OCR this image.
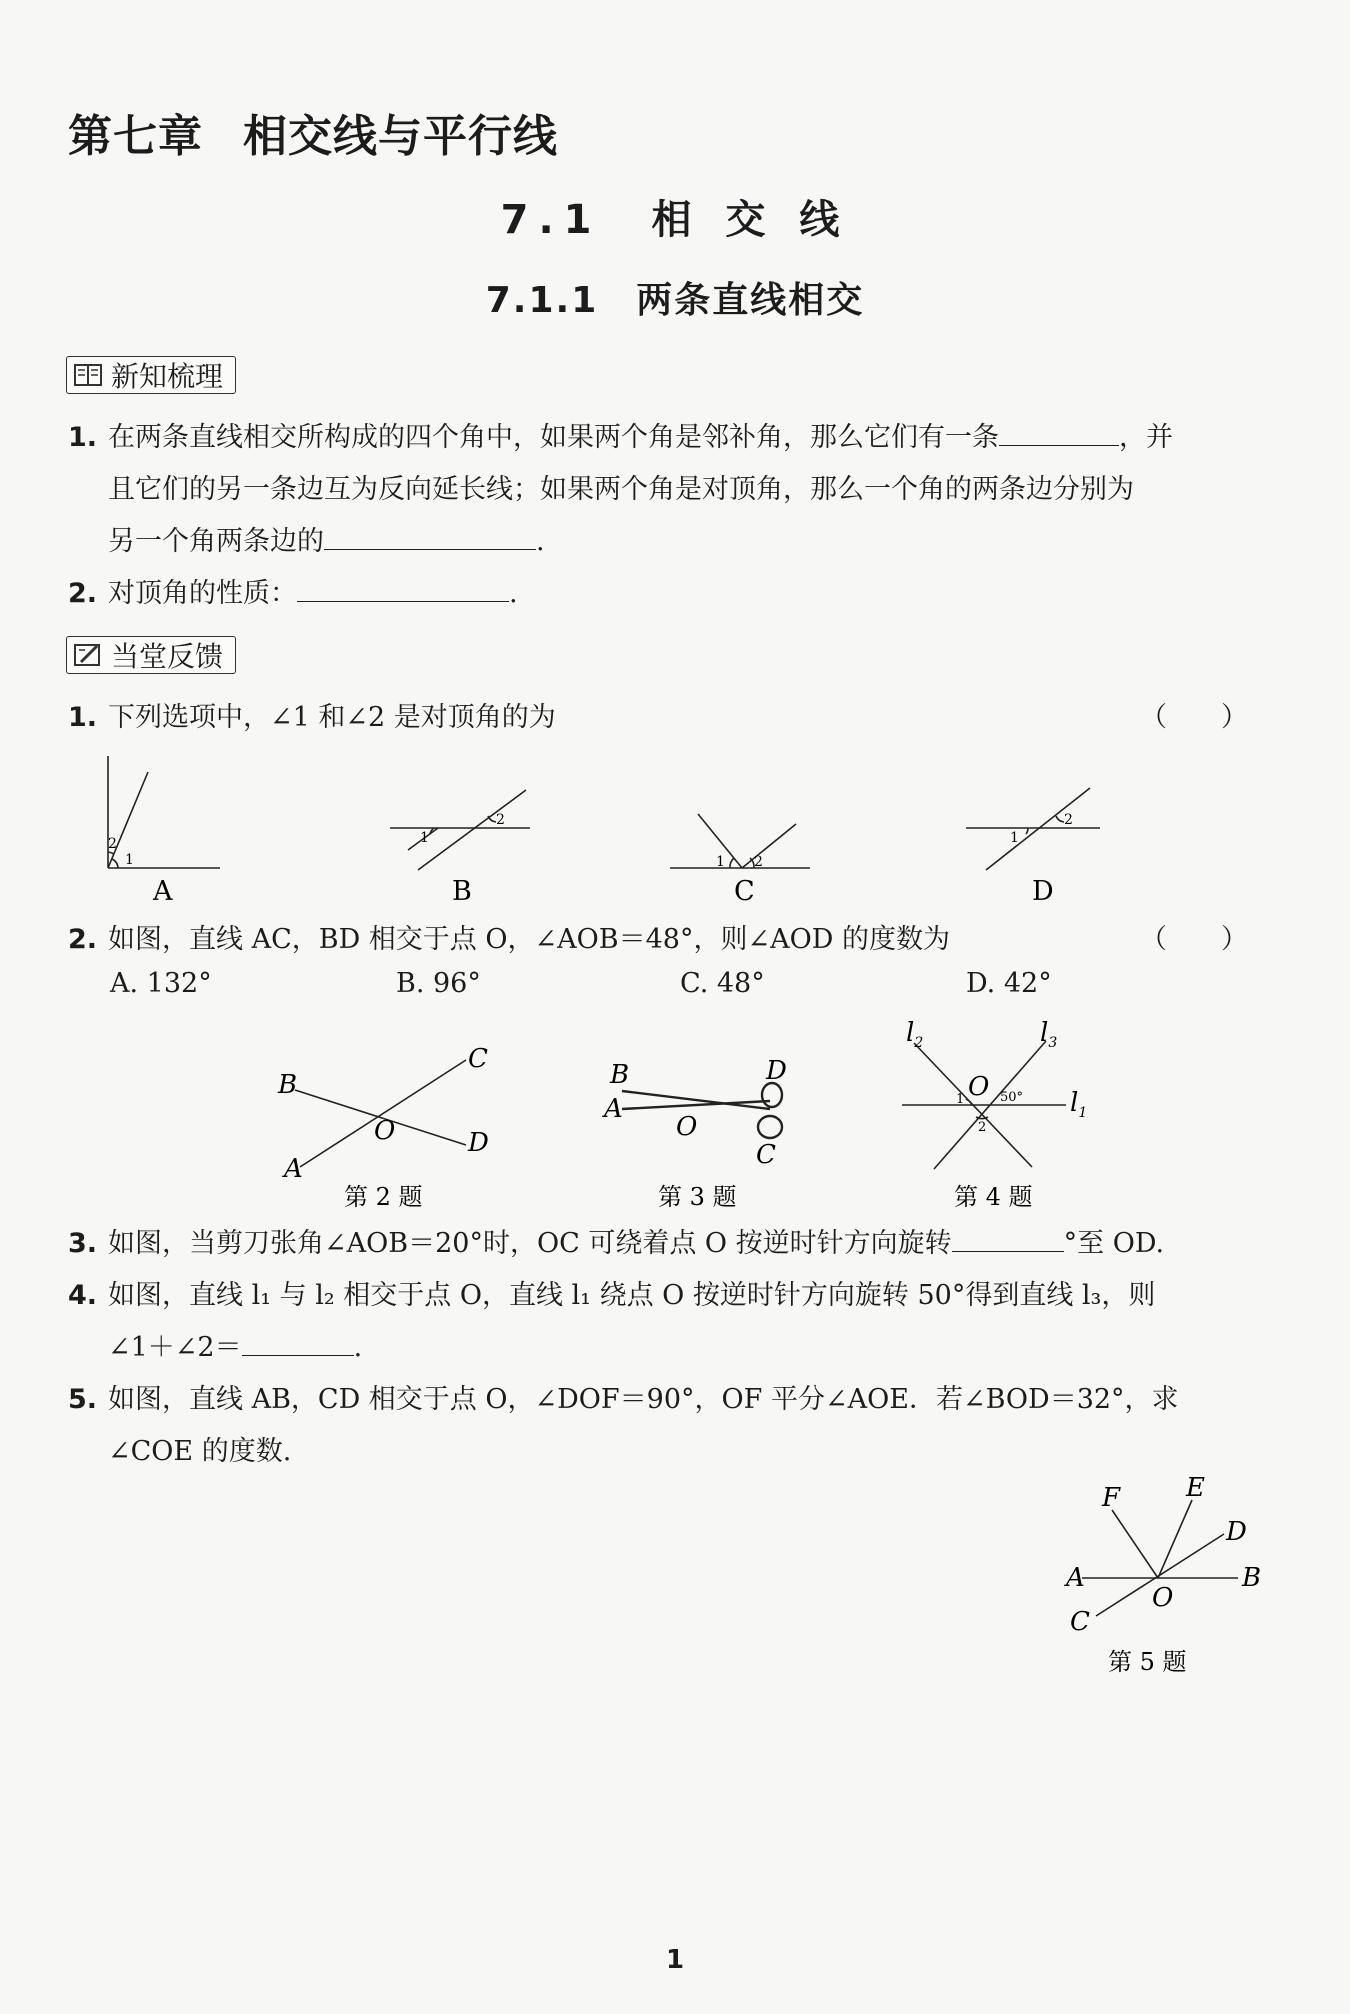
第七章 相交线与平行线
7.1　相 交 线
7.1.1　两条直线相交
新知梳理
1. 在两条直线相交所构成的四个角中，如果两个角是邻补角，那么它们有一条	，并
且它们的另一条边互为反向延长线；如果两个角是对顶角，那么一个角的两条边分别为
另一个角两条边的	.
2. 对顶角的性质：	.
当堂反馈
1. 下列选项中，∠1 和∠2 是对顶角的为	（　　）
2
1
A
1
2
B
1 2
C
1
2
D
2. 如图，直线 AC，BD 相交于点 O，∠AOB＝48°，则∠AOD 的度数为	（　　）
A. 132°	B. 96°	C. 48°	D. 42°
B
C
A
D
O
第 2 题
B	D
A
O
C
第 3 题
$l_2$	$l_3$
$l_1$
O
1
2
50°
第 4 题
3. 如图，当剪刀张角∠AOB＝20°时，OC 可绕着点 O 按逆时针方向旋转	°至 OD.
4. 如图，直线 l₁ 与 l₂ 相交于点 O，直线 l₁ 绕点 O 按逆时针方向旋转 50°得到直线 l₃，则
∠1＋∠2＝	.
5. 如图，直线 AB，CD 相交于点 O，∠DOF＝90°，OF 平分∠AOE．若∠BOD＝32°，求
∠COE 的度数.
A	B
C
D
E
F
O
第 5 题
1
